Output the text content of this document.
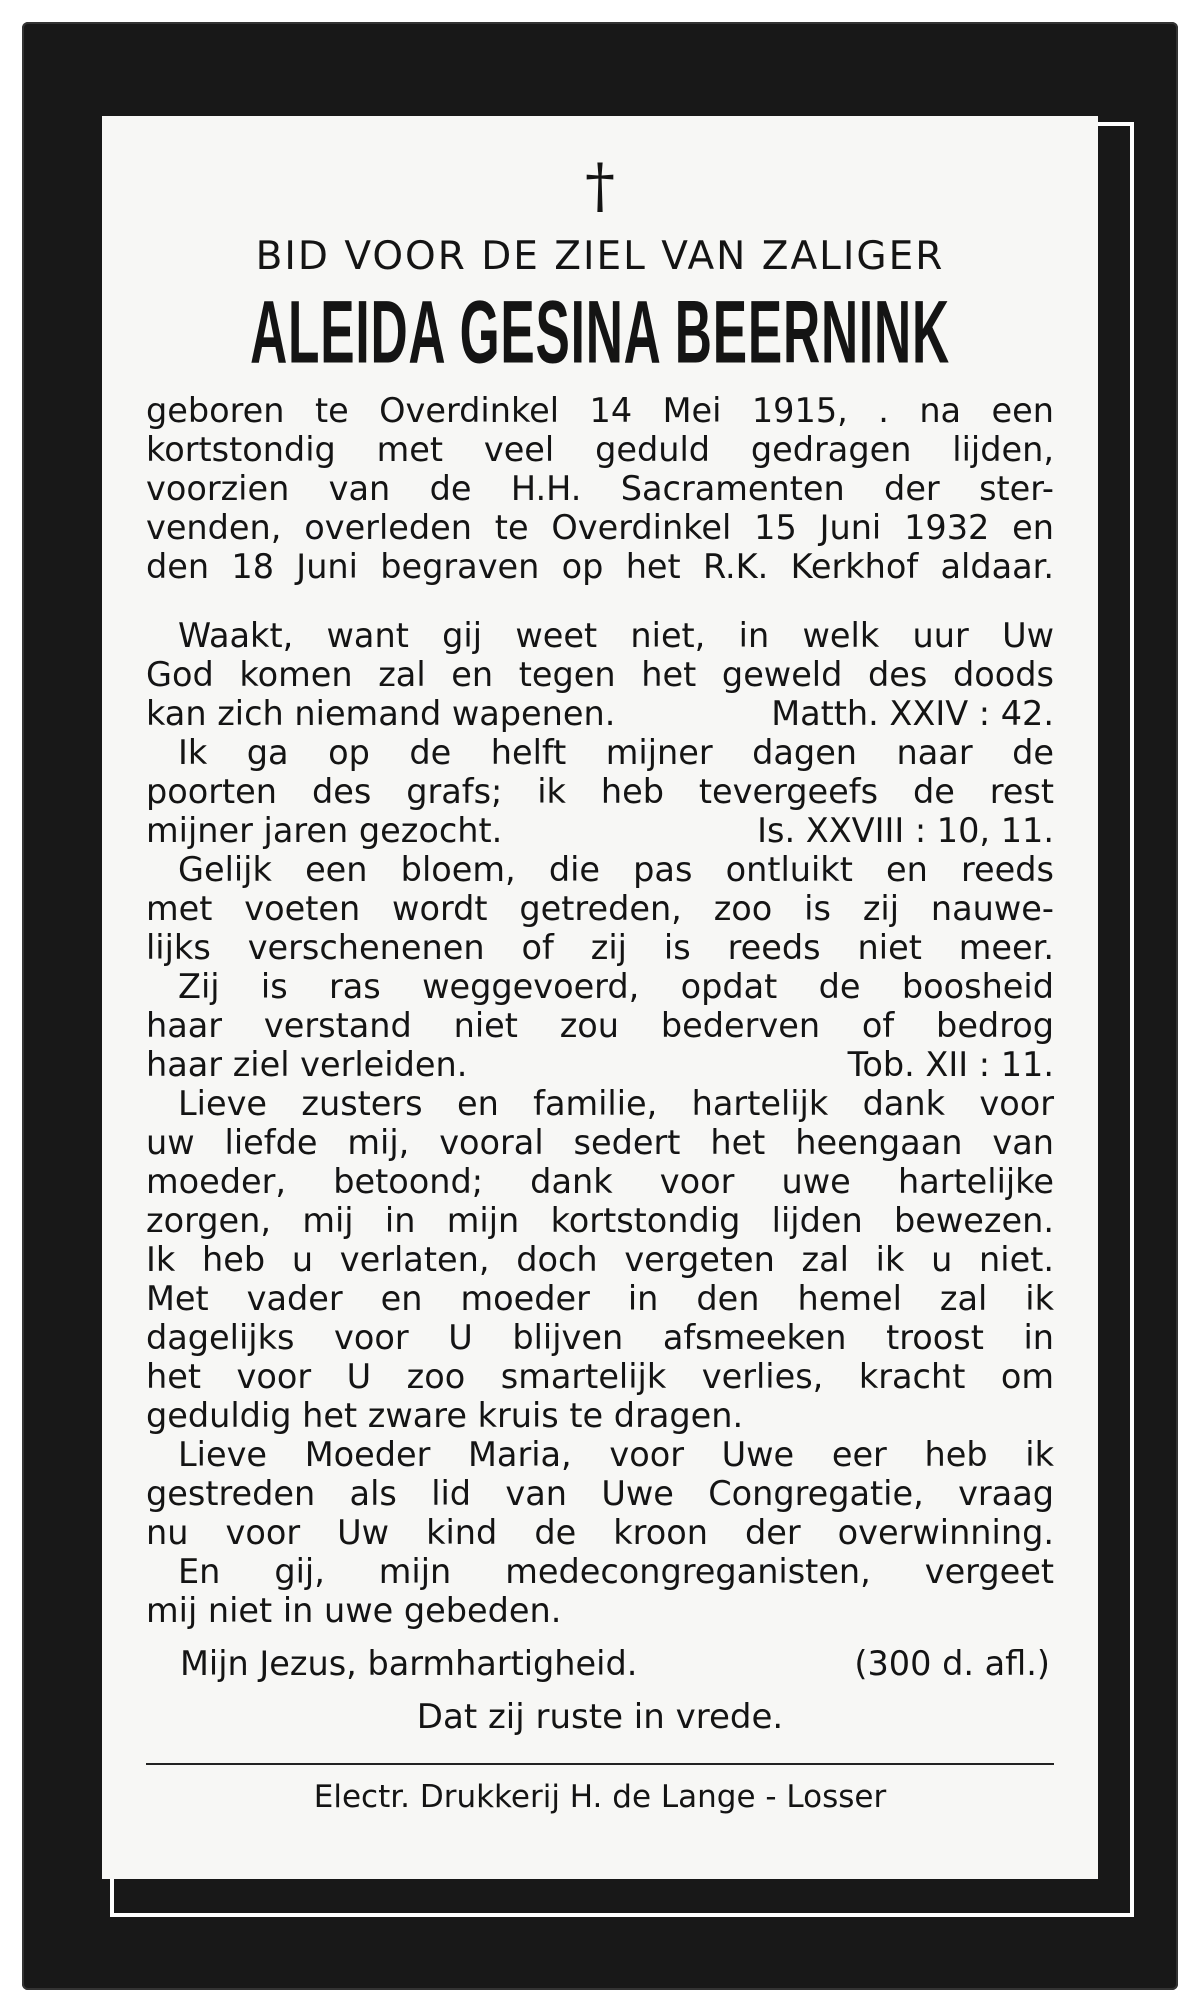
†
BID VOOR DE ZIEL VAN ZALIGER
ALEIDA GESINA BEERNINK
geboren te Overdinkel 14 Mei 1915, . na een
kortstondig met veel geduld gedragen lijden,
voorzien van de H.H. Sacramenten der ster-
venden, overleden te Overdinkel 15 Juni 1932 en
den 18 Juni begraven op het R.K. Kerkhof aldaar.
Waakt, want gij weet niet, in welk uur Uw
God komen zal en tegen het geweld des doods
kan zich niemand wapenen.	Matth. XXIV : 42.
Ik ga op de helft mijner dagen naar de
poorten des grafs; ik heb tevergeefs de rest
mijner jaren gezocht.	Is. XXVIII : 10, 11.
Gelijk een bloem, die pas ontluikt en reeds
met voeten wordt getreden, zoo is zij nauwe-
lijks verschenenen of zij is reeds niet meer.
Zij is ras weggevoerd, opdat de boosheid
haar verstand niet zou bederven of bedrog
haar ziel verleiden.	Tob. XII : 11.
Lieve zusters en familie, hartelijk dank voor
uw liefde mij, vooral sedert het heengaan van
moeder, betoond; dank voor uwe hartelijke
zorgen, mij in mijn kortstondig lijden bewezen.
Ik heb u verlaten, doch vergeten zal ik u niet.
Met vader en moeder in den hemel zal ik
dagelijks voor U blijven afsmeeken troost in
het voor U zoo smartelijk verlies, kracht om
geduldig het zware kruis te dragen.
Lieve Moeder Maria, voor Uwe eer heb ik
gestreden als lid van Uwe Congregatie, vraag
nu voor Uw kind de kroon der overwinning.
En gij, mijn medecongreganisten, vergeet
mij niet in uwe gebeden.
Mijn Jezus, barmhartigheid.	(300 d. afl.)
Dat zij ruste in vrede.
Electr. Drukkerij H. de Lange - Losser
